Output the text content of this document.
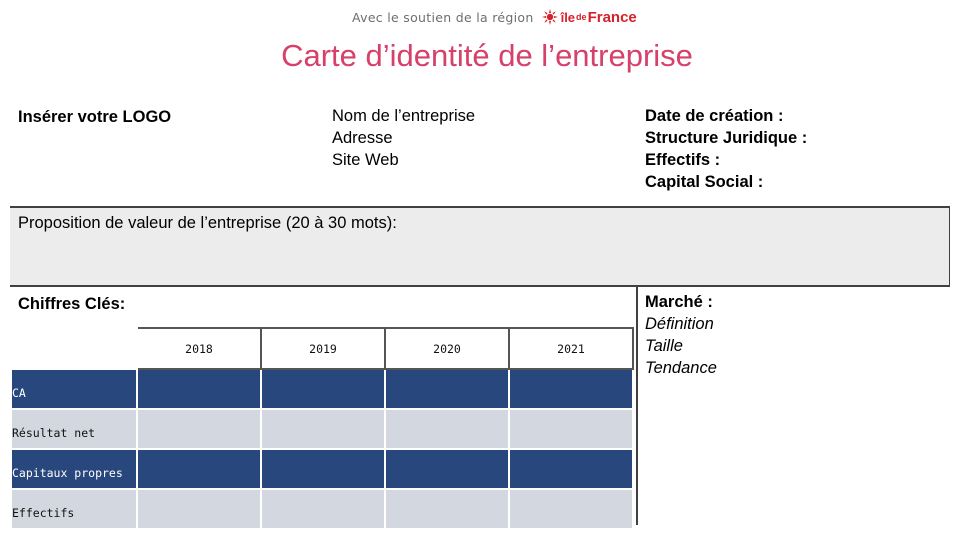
Avec le soutien de la région île de France
Carte d’identité de l’entreprise
Insérer votre LOGO	Nom de l’entreprise
Adresse
Site Web
Date de création :
Structure Juridique :
Effectifs :
Capital Social :
Proposition de valeur de l’entreprise (20 à 30 mots):
Chiffres Clés:	Marché :
Définition
Taille
Tendance
	2018	2019	2020	2021
CA				
Résultat net				
Capitaux propres				
Effectifs				
